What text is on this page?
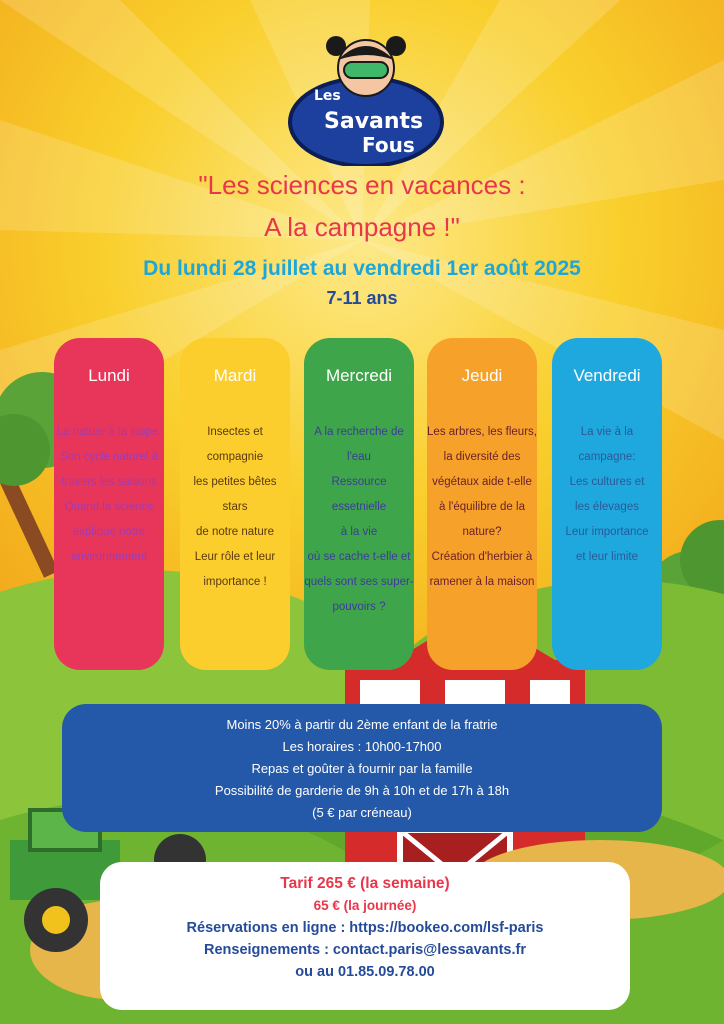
Les
Savants
Fous
"Les sciences en vacances :
A la campagne !"
Du lundi 28 juillet au vendredi 1er août 2025
7-11 ans
Lundi
La nature à la loupe:
Son cycle naturel à
travers les saisons
Quand la science
explique notre
environnement
Mardi
Insectes et
compagnie
les petites bêtes stars
de notre nature
Leur rôle et leur
importance !
Mercredi
A la recherche de
l'eau
Ressource essetnielle
à la vie
où se cache t-elle et
quels sont ses super-
pouvoirs ?
Jeudi
Les arbres, les fleurs,
la diversité des
végétaux aide t-elle
à l'équilibre de la
nature?
Création d'herbier à
ramener à la maison
Vendredi
La vie à la
campagne:
Les cultures et
les élevages
Leur importance
et leur limite
Moins 20% à partir du 2ème enfant de la fratrie
Les horaires : 10h00-17h00
Repas et goûter à fournir par la famille
Possibilité de garderie de 9h à 10h et de 17h à 18h
(5 € par créneau)
Tarif 265 € (la semaine)
65 € (la journée)
Réservations en ligne : https://bookeo.com/lsf-paris
Renseignements : contact.paris@lessavants.fr
ou au 01.85.09.78.00
